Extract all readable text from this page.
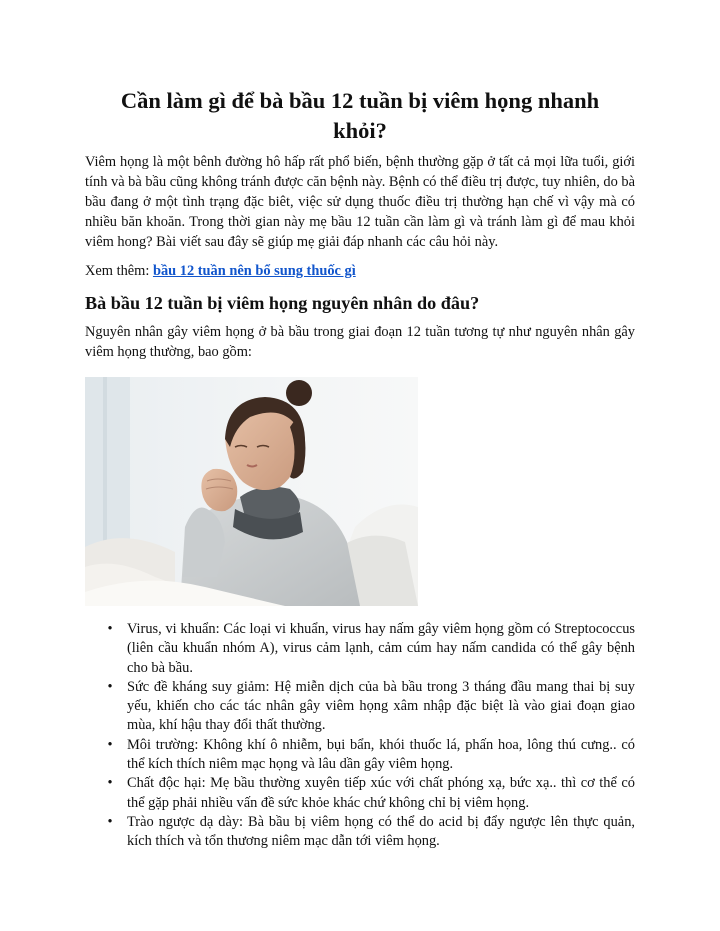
Cần làm gì để bà bầu 12 tuần bị viêm họng nhanh khỏi?

Viêm họng là một bênh đường hô hấp rất phổ biến, bệnh thường gặp ở tất cả mọi lữa tuổi, giới tính và bà bầu cũng không tránh được căn bệnh này. Bệnh có thể điều trị được, tuy nhiên, do bà bầu đang ở một tình trạng đặc biêt, việc sử dụng thuốc điều trị thường hạn chế vì vậy mà có nhiều băn khoăn. Trong thời gian này mẹ bầu 12 tuần cần làm gì và tránh làm gì để mau khỏi viêm hong? Bài viết sau đây sẽ giúp mẹ giải đáp nhanh các câu hỏi này.

Xem thêm: bầu 12 tuần nên bổ sung thuốc gì

Bà bầu 12 tuần bị viêm họng nguyên nhân do đâu?

Nguyên nhân gây viêm họng ở bà bầu trong giai đoạn 12 tuần tương tự như nguyên nhân gây viêm họng thường, bao gồm:

• Virus, vi khuẩn: Các loại vi khuẩn, virus hay nấm gây viêm họng gồm có Streptococcus (liên cầu khuẩn nhóm A), virus cảm lạnh, cảm cúm hay nấm candida có thể gây bệnh cho bà bầu.
• Sức đề kháng suy giảm: Hệ miễn dịch của bà bầu trong 3 tháng đầu mang thai bị suy yếu, khiến cho các tác nhân gây viêm họng xâm nhập đặc biệt là vào giai đoạn giao mùa, khí hậu thay đổi thất thường.
• Môi trường: Không khí ô nhiễm, bụi bẩn, khói thuốc lá, phấn hoa, lông thú cưng.. có thể kích thích niêm mạc họng và lâu dần gây viêm họng.
• Chất độc hại: Mẹ bầu thường xuyên tiếp xúc với chất phóng xạ, bức xạ.. thì cơ thể có thể gặp phải nhiều vấn đề sức khỏe khác chứ không chỉ bị viêm họng.
• Trào ngược dạ dày: Bà bầu bị viêm họng có thể do acid bị đẩy ngược lên thực quản, kích thích và tổn thương niêm mạc dẫn tới viêm họng.
